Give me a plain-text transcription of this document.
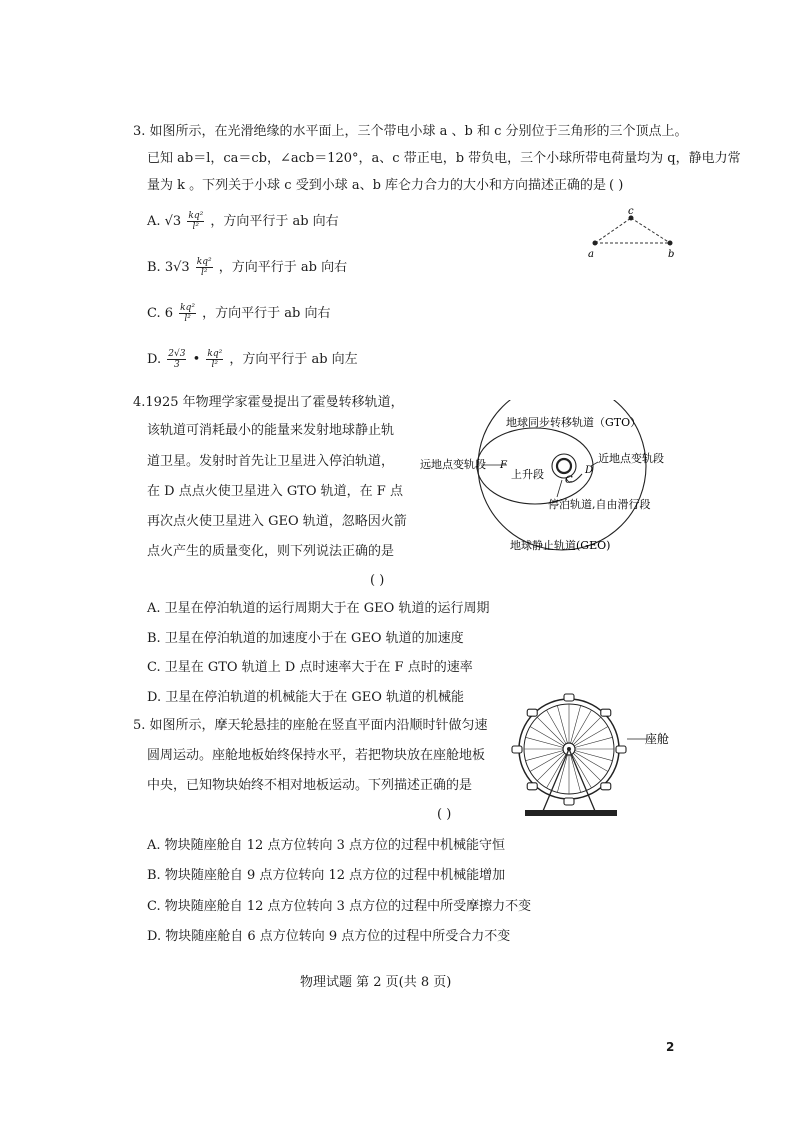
3. 如图所示，在光滑绝缘的水平面上，三个带电小球 a 、b 和 c 分别位于三角形的三个顶点上。
已知 ab＝l，ca＝cb，∠acb＝120°，a、c 带正电，b 带负电，三个小球所带电荷量均为 q，静电力常
量为 k 。下列关于小球 c 受到小球 a、b 库仑力合力的大小和方向描述正确的是 ( )
A. $√3 \frac{\text{kq²}}{\text{l²}}$ ，方向平行于 ab 向右
B. $3√3 \frac{\text{kq²}}{\text{l²}}$ ，方向平行于 ab 向右
C. $6 \frac{\text{kq²}}{\text{l²}}$ ，方向平行于 ab 向右
D. $\frac{2√3}{3}$ • $\frac{\text{kq²}}{\text{l²}}$ ，方向平行于 ab 向左
a	b
c
4.1925 年物理学家霍曼提出了霍曼转移轨道，
该轨道可消耗最小的能量来发射地球静止轨
道卫星。发射时首先让卫星进入停泊轨道，
在 D 点点火使卫星进入 GTO 轨道，在 F 点
再次点火使卫星进入 GEO 轨道，忽略因火箭
点火产生的质量变化，则下列说法正确的是
( )
地球同步转移轨道（GTO）
远地点变轨段 F	D
近地点变轨段
上升段 C
停泊轨道,自由滑行段
地球静止轨道(GEO)
A. 卫星在停泊轨道的运行周期大于在 GEO 轨道的运行周期
B. 卫星在停泊轨道的加速度小于在 GEO 轨道的加速度
C. 卫星在 GTO 轨道上 D 点时速率大于在 F 点时的速率
D. 卫星在停泊轨道的机械能大于在 GEO 轨道的机械能
5. 如图所示，摩天轮悬挂的座舱在竖直平面内沿顺时针做匀速
圆周运动。座舱地板始终保持水平，若把物块放在座舱地板
中央，已知物块始终不相对地板运动。下列描述正确的是
( )
座舱
A. 物块随座舱自 12 点方位转向 3 点方位的过程中机械能守恒
B. 物块随座舱自 9 点方位转向 12 点方位的过程中机械能增加
C. 物块随座舱自 12 点方位转向 3 点方位的过程中所受摩擦力不变
D. 物块随座舱自 6 点方位转向 9 点方位的过程中所受合力不变
物理试题 第 2 页(共 8 页)
2
